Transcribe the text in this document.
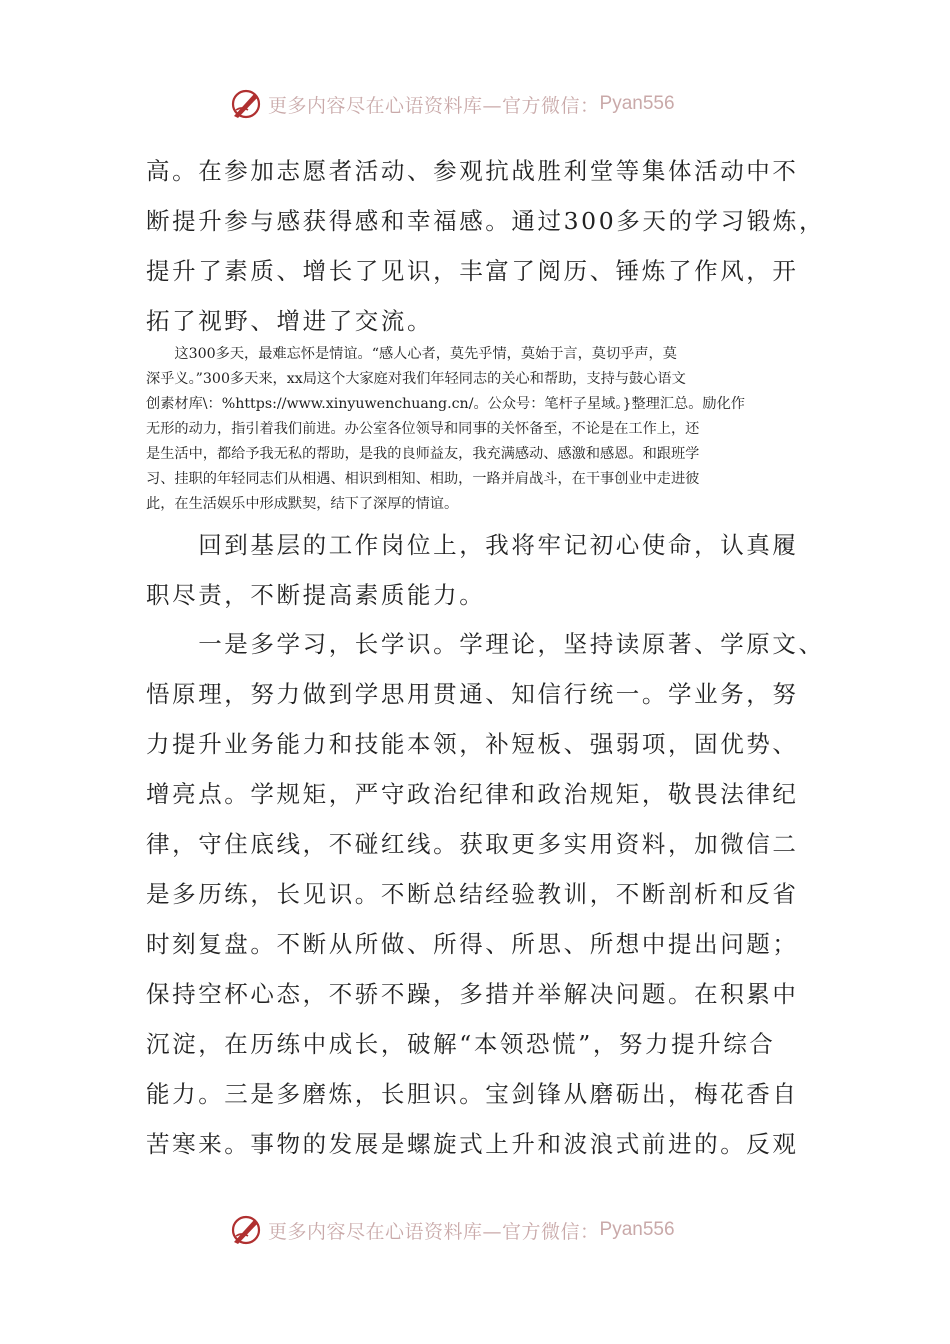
更多内容尽在心语资料库—官方微信： Pyan556
高。在参加志愿者活动、参观抗战胜利堂等集体活动中不
断提升参与感获得感和幸福感。通过300多天的学习锻炼，
提升了素质、增长了见识，丰富了阅历、锤炼了作风，开
拓了视野、增进了交流。
　　这300多天，最难忘怀是情谊。“感人心者，莫先乎情，莫始于言，莫切乎声，莫
深乎义。”300多天来，xx局这个大家庭对我们年轻同志的关心和帮助，支持与鼓心语文
创素材库\：%https://www.xinyuwenchuang.cn/。公众号：笔杆子星域。}整理汇总。励化作
无形的动力，指引着我们前进。办公室各位领导和同事的关怀备至，不论是在工作上，还
是生活中，都给予我无私的帮助，是我的良师益友，我充满感动、感激和感恩。和跟班学
习、挂职的年轻同志们从相遇、相识到相知、相助，一路并肩战斗，在干事创业中走进彼
此，在生活娱乐中形成默契，结下了深厚的情谊。
　　回到基层的工作岗位上，我将牢记初心使命，认真履
职尽责，不断提高素质能力。
　　一是多学习，长学识。学理论，坚持读原著、学原文、
悟原理，努力做到学思用贯通、知信行统一。学业务，努
力提升业务能力和技能本领，补短板、强弱项，固优势、
增亮点。学规矩，严守政治纪律和政治规矩，敬畏法律纪
律，守住底线，不碰红线。获取更多实用资料，加微信二
是多历练，长见识。不断总结经验教训，不断剖析和反省
时刻复盘。不断从所做、所得、所思、所想中提出问题；
保持空杯心态，不骄不躁，多措并举解决问题。在积累中
沉淀，在历练中成长，破解“本领恐慌”，努力提升综合
能力。三是多磨炼，长胆识。宝剑锋从磨砺出，梅花香自
苦寒来。事物的发展是螺旋式上升和波浪式前进的。反观
更多内容尽在心语资料库—官方微信： Pyan556
